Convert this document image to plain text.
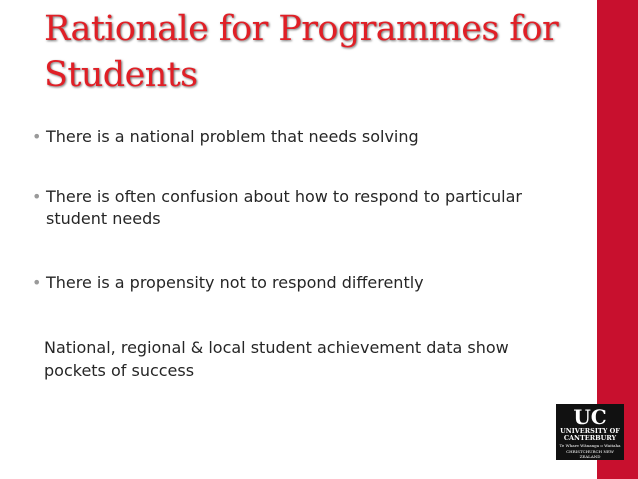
Rationale for Programmes for
Students
• There is a national problem that needs solving
• There is often confusion about how to respond to particular student needs
• There is a propensity not to respond differently
National, regional & local student achievement data show pockets of success
UC
UNIVERSITY OF
CANTERBURY
Te Whare Wānanga o Waitaha
CHRISTCHURCH NEW ZEALAND
